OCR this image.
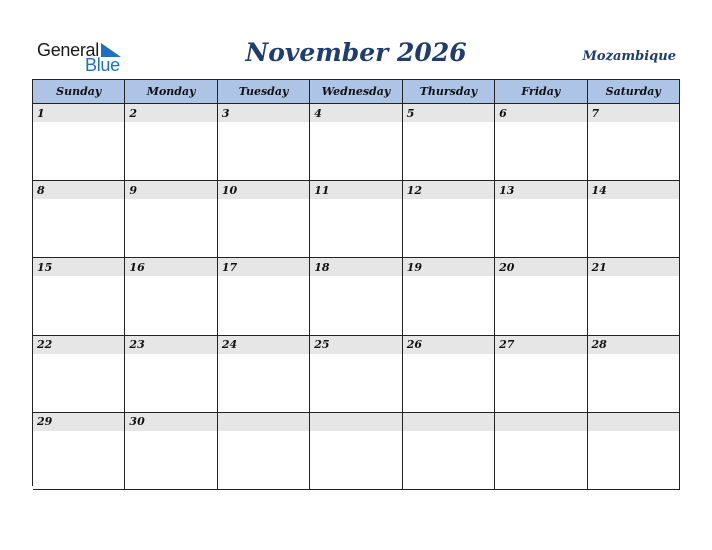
General
Blue	November 2026	Mozambique
Sunday	Monday	Tuesday	Wednesday	Thursday	Friday	Saturday
1	2	3	4	5	6	7
8	9	10	11	12	13	14
15	16	17	18	19	20	21
22	23	24	25	26	27	28
29	30
